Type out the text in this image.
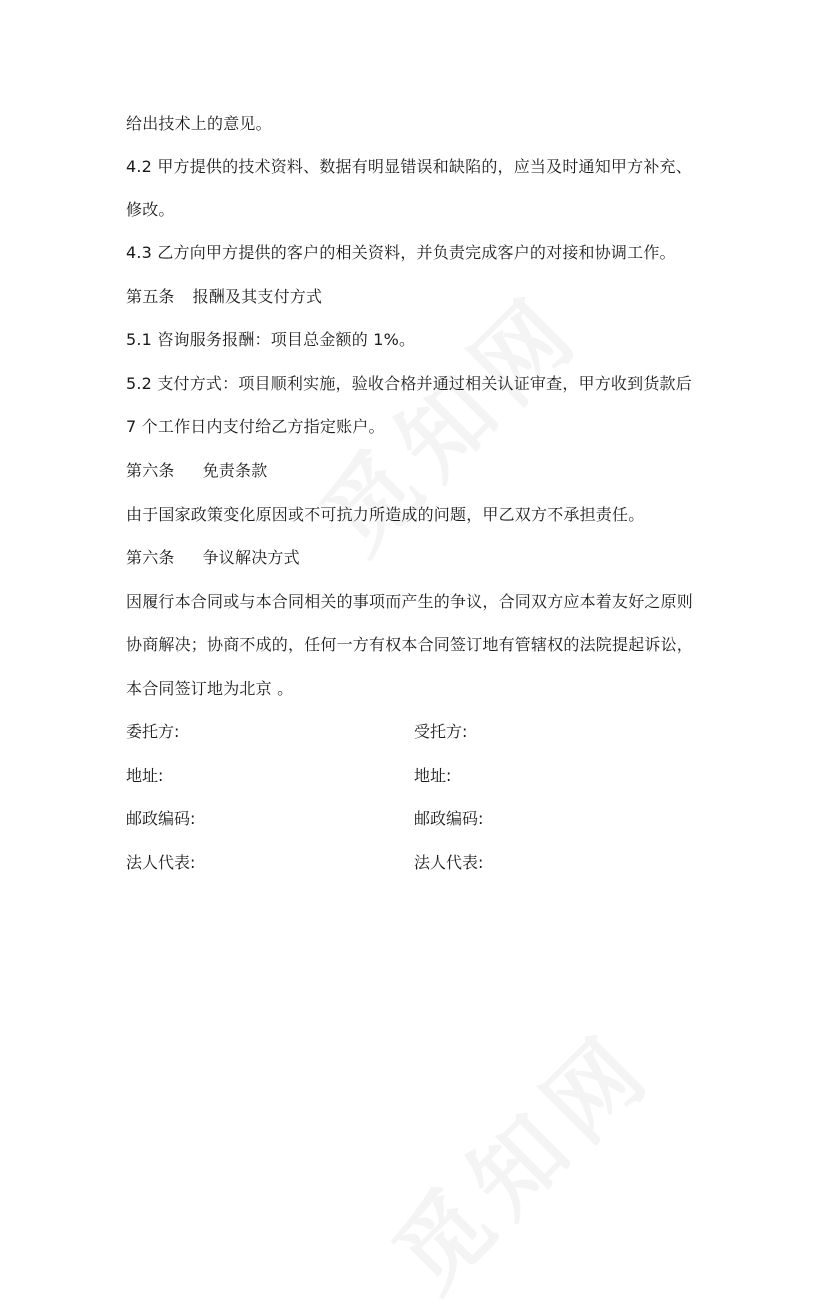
给出技术上的意见。
4.2 甲方提供的技术资料、数据有明显错误和缺陷的，应当及时通知甲方补充、
修改。
4.3 乙方向甲方提供的客户的相关资料，并负责完成客户的对接和协调工作。
第五条 报酬及其支付方式
5.1 咨询服务报酬：项目总金额的 1%。
5.2 支付方式：项目顺利实施，验收合格并通过相关认证审查，甲方收到货款后
7 个工作日内支付给乙方指定账户。
第六条 免责条款
由于国家政策变化原因或不可抗力所造成的问题，甲乙双方不承担责任。
第六条 争议解决方式
因履行本合同或与本合同相关的事项而产生的争议，合同双方应本着友好之原则
协商解决；协商不成的，任何一方有权本合同签订地有管辖权的法院提起诉讼，
本合同签订地为北京 。
委托方:	受托方:
地址:	地址:
邮政编码:	邮政编码:
法人代表:	法人代表:
